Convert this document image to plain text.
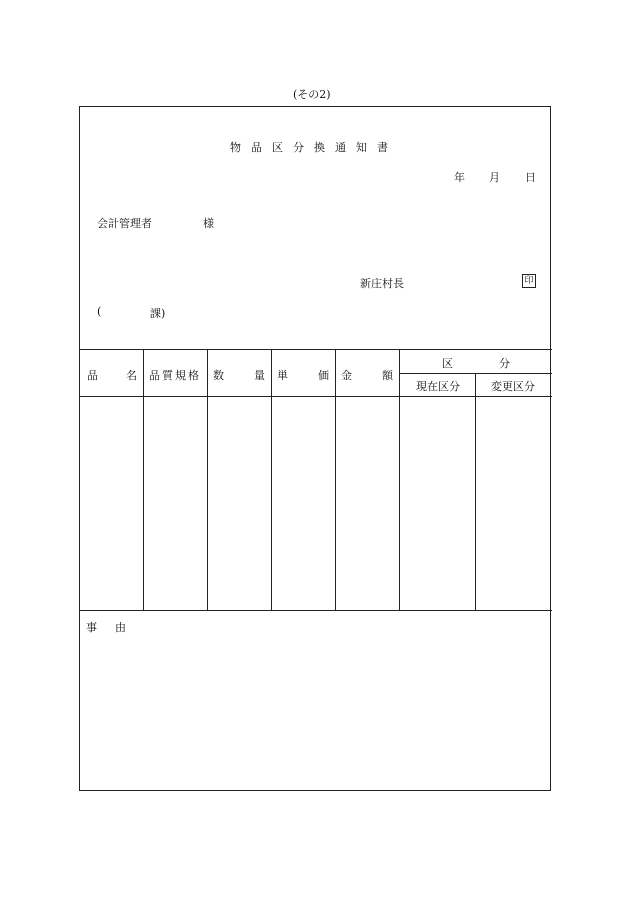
(その2)
物品区分換通知書
年 月 日
会計管理者	様
新庄村長	印
(	課)
品	名 品質規格 数	量 単	価 金	額
区	分
現在区分	変更区分
事 由
